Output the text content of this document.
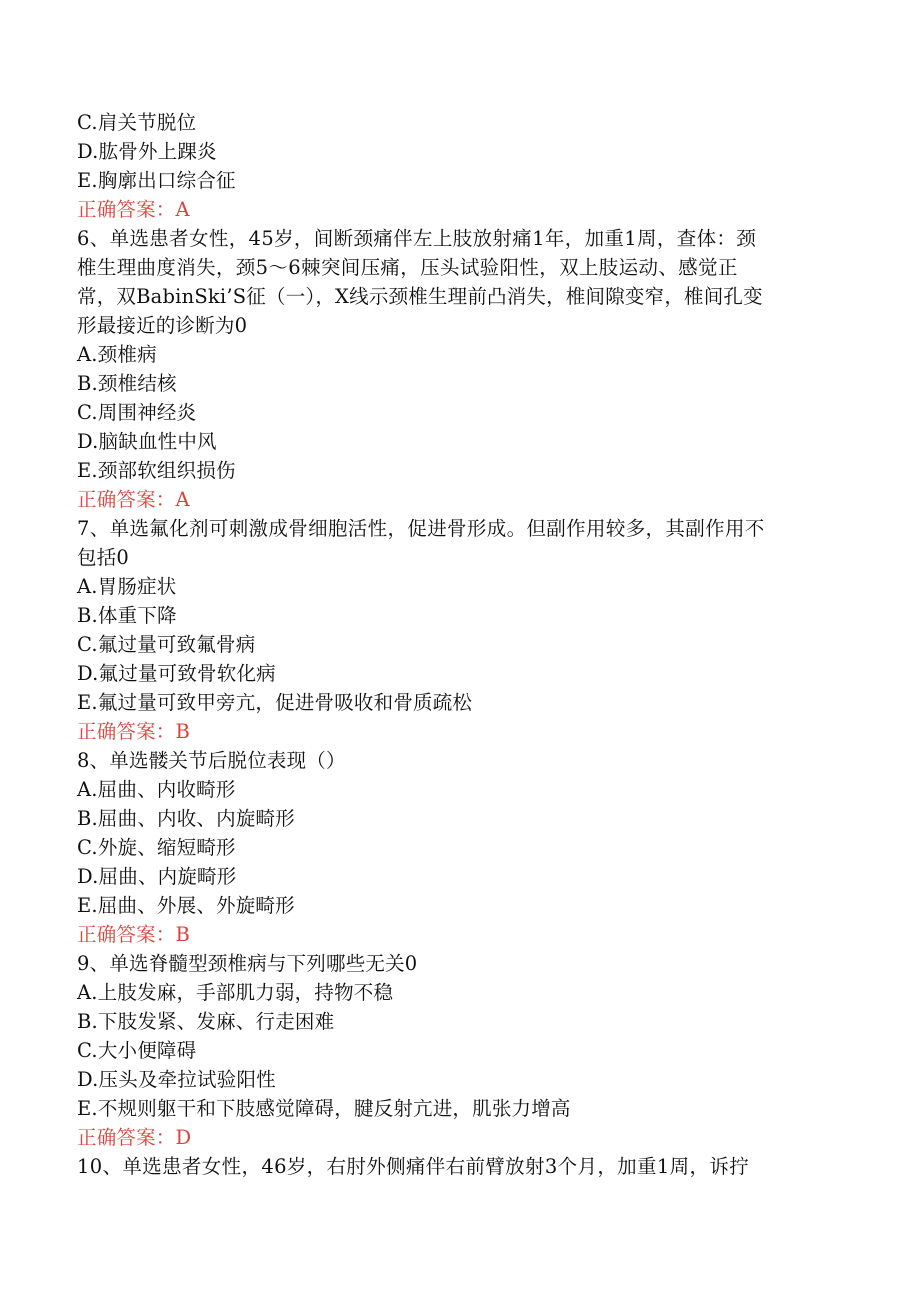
C.肩关节脱位
D.肱骨外上踝炎
E.胸廓出口综合征
正确答案：A
6、单选患者女性，45岁，间断颈痛伴左上肢放射痛1年，加重1周，查体：颈
椎生理曲度消失，颈5～6棘突间压痛，压头试验阳性，双上肢运动、感觉正
常，双BabinSki’S征（一），X线示颈椎生理前凸消失，椎间隙变窄，椎间孔变
形最接近的诊断为0
A.颈椎病
B.颈椎结核
C.周围神经炎
D.脑缺血性中风
E.颈部软组织损伤
正确答案：A
7、单选氟化剂可刺激成骨细胞活性，促进骨形成。但副作用较多，其副作用不
包括0
A.胃肠症状
B.体重下降
C.氟过量可致氟骨病
D.氟过量可致骨软化病
E.氟过量可致甲旁亢，促进骨吸收和骨质疏松
正确答案：B
8、单选髅关节后脱位表现（）
A.屈曲、内收畸形
B.屈曲、内收、内旋畸形
C.外旋、缩短畸形
D.屈曲、内旋畸形
E.屈曲、外展、外旋畸形
正确答案：B
9、单选脊髓型颈椎病与下列哪些无关0
A.上肢发麻，手部肌力弱，持物不稳
B.下肢发紧、发麻、行走困难
C.大小便障碍
D.压头及牵拉试验阳性
E.不规则躯干和下肢感觉障碍，腱反射亢进，肌张力增高
正确答案：D
10、单选患者女性，46岁，右肘外侧痛伴右前臂放射3个月，加重1周，诉拧
